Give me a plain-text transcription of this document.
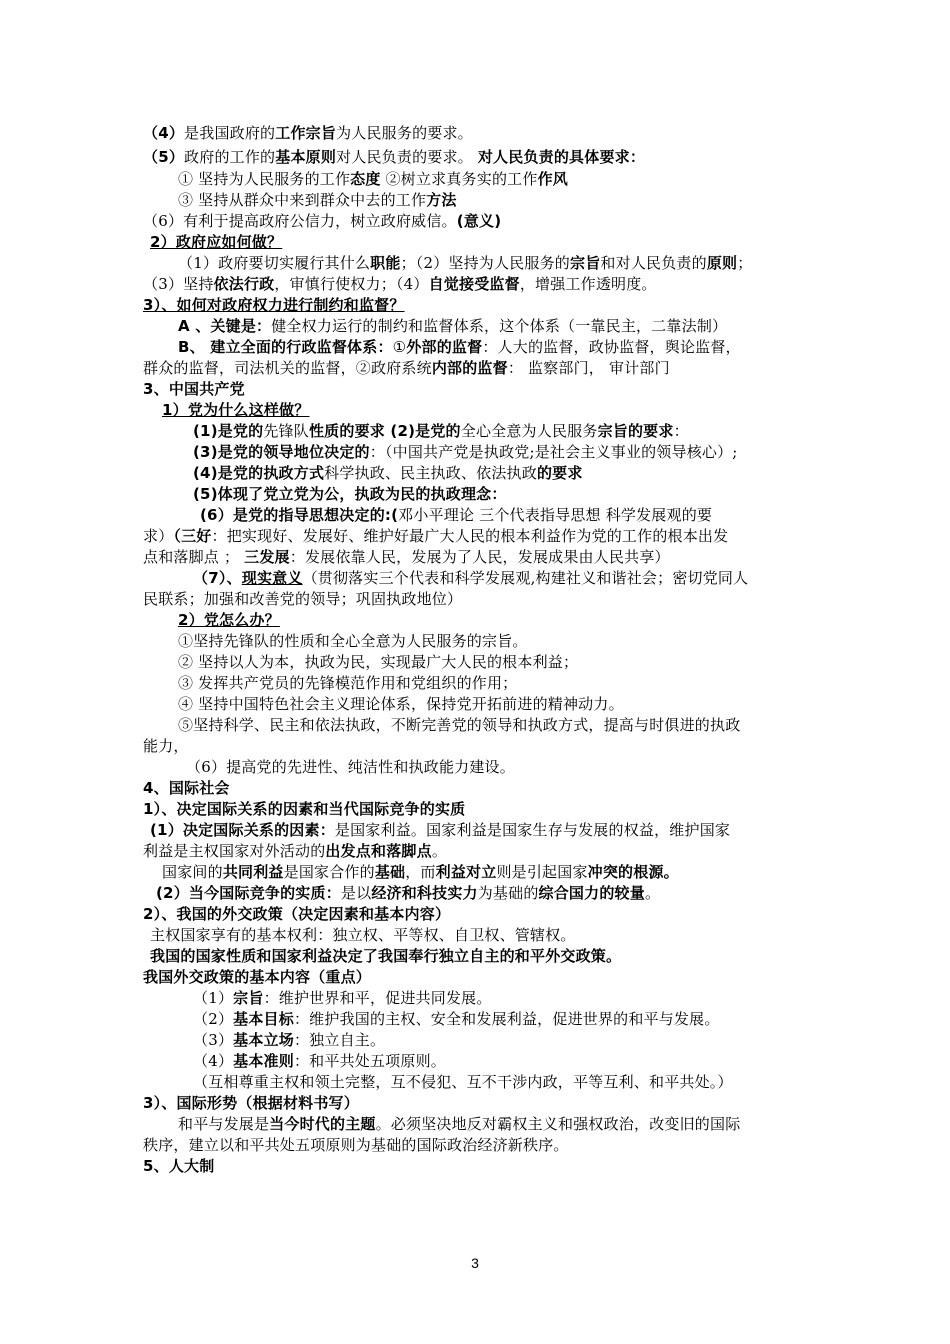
（4）是我国政府的工作宗旨为人民服务的要求。
（5）政府的工作的基本原则对人民负责的要求。 对人民负责的具体要求：
① 坚持为人民服务的工作态度 ②树立求真务实的工作作风
③ 坚持从群众中来到群众中去的工作方法
（6）有利于提高政府公信力，树立政府威信。(意义)
2）政府应如何做？
（1）政府要切实履行其什么职能；（2）坚持为人民服务的宗旨和对人民负责的原则；
（3）坚持依法行政，审慎行使权力；（4）自觉接受监督，增强工作透明度。
3）、如何对政府权力进行制约和监督？
A 、关键是：健全权力运行的制约和监督体系，这个体系（一靠民主，二靠法制）
B、 建立全面的行政监督体系：①外部的监督：人大的监督，政协监督，舆论监督，
群众的监督，司法机关的监督，②政府系统内部的监督： 监察部门， 审计部门
3、中国共产党
1）党为什么这样做？
(1)是党的先锋队性质的要求 (2)是党的全心全意为人民服务宗旨的要求：
(3)是党的领导地位决定的：（中国共产党是执政党;是社会主义事业的领导核心）;
(4)是党的执政方式科学执政、民主执政、依法执政的要求
(5)体现了党立党为公，执政为民的执政理念：
(6）是党的指导思想决定的:(邓小平理论 三个代表指导思想 科学发展观的要
求）（三好：把实现好、发展好、维护好最广大人民的根本利益作为党的工作的根本出发
点和落脚点 ； 三发展：发展依靠人民，发展为了人民，发展成果由人民共享）
（7）、现实意义（贯彻落实三个代表和科学发展观,构建社义和谐社会；密切党同人
民联系；加强和改善党的领导；巩固执政地位）
2）党怎么办？
①坚持先锋队的性质和全心全意为人民服务的宗旨。
② 坚持以人为本，执政为民，实现最广大人民的根本利益；
③ 发挥共产党员的先锋模范作用和党组织的作用；
④ 坚持中国特色社会主义理论体系，保持党开拓前进的精神动力。
⑤坚持科学、民主和依法执政，不断完善党的领导和执政方式，提高与时俱进的执政
能力，
（6）提高党的先进性、纯洁性和执政能力建设。
4、国际社会
1）、决定国际关系的因素和当代国际竞争的实质
(1）决定国际关系的因素：是国家利益。国家利益是国家生存与发展的权益，维护国家
利益是主权国家对外活动的出发点和落脚点。
国家间的共同利益是国家合作的基础，而利益对立则是引起国家冲突的根源。
(2）当今国际竞争的实质：是以经济和科技实力为基础的综合国力的较量。
2）、我国的外交政策（决定因素和基本内容）
主权国家享有的基本权利：独立权、平等权、自卫权、管辖权。
我国的国家性质和国家利益决定了我国奉行独立自主的和平外交政策。
我国外交政策的基本内容（重点）
（1）宗旨：维护世界和平，促进共同发展。
（2）基本目标：维护我国的主权、安全和发展利益，促进世界的和平与发展。
（3）基本立场：独立自主。
（4）基本准则：和平共处五项原则。
（互相尊重主权和领土完整，互不侵犯、互不干涉内政，平等互利、和平共处。）
3）、国际形势（根据材料书写）
和平与发展是当今时代的主题。必须坚决地反对霸权主义和强权政治，改变旧的国际
秩序，建立以和平共处五项原则为基础的国际政治经济新秩序。
5、人大制
3
